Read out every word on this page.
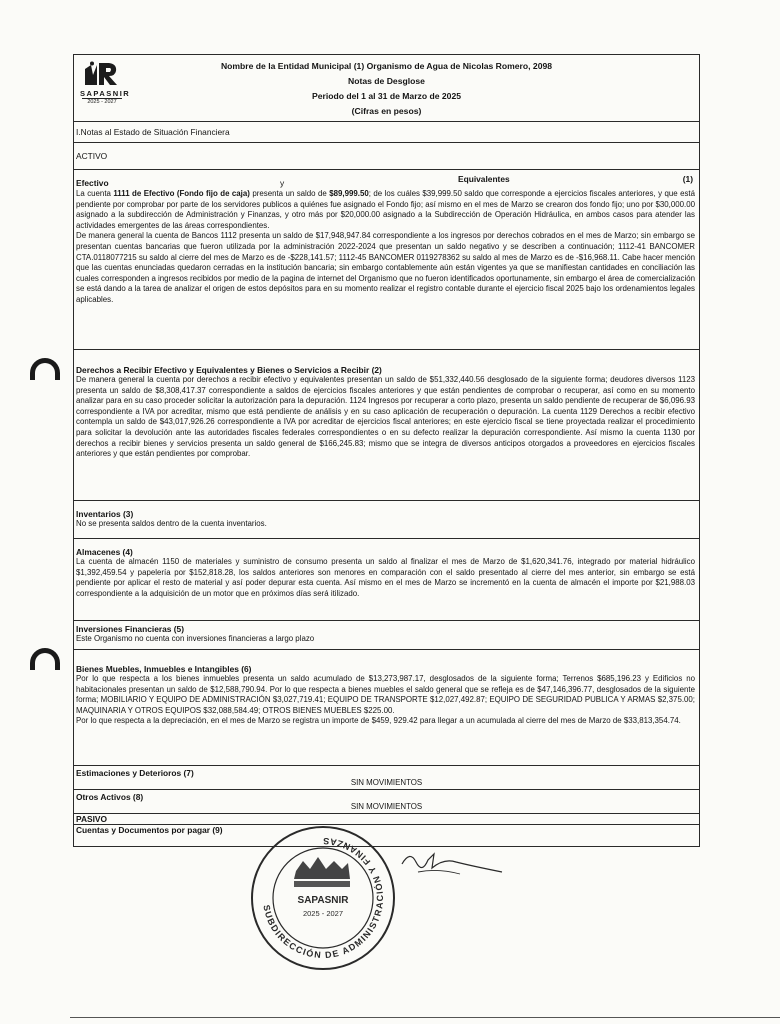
SAPASNIR
2025 - 2027
Nombre de la Entidad Municipal (1) Organismo de Agua de Nicolas Romero, 2098
Notas de Desglose
Periodo del 1 al 31 de Marzo de 2025
(Cifras en pesos)
I.Notas al Estado de Situación Financiera
ACTIVO
Efectivo	y	Equivalentes	(1)
La cuenta 1111 de Efectivo (Fondo fijo de caja) presenta un saldo de $89,999.50; de los cuáles $39,999.50 saldo que corresponde a ejercicios fiscales anteriores, y que está pendiente por comprobar por parte de los servidores publicos a quiénes fue asignado el Fondo fijo; así mismo en el mes de Marzo se crearon dos fondo fijo; uno por $30,000.00 asignado a la subdirección de Administración y Finanzas, y otro más por $20,000.00 asignado a la Subdirección de Operación Hidráulica, en ambos casos para atender las actividades emergentes de las áreas correspondientes.
De manera general la cuenta de Bancos 1112 presenta un saldo de $17,948,947.84 correspondiente a los ingresos por derechos cobrados en el mes de Marzo; sin embargo se presentan cuentas bancarias que fueron utilizada por la administración 2022-2024 que presentan un saldo negativo y se describen a continuación; 1112-41 BANCOMER CTA.0118077215 su saldo al cierre del mes de Marzo es de -$228,141.57; 1112-45 BANCOMER 0119278362 su saldo al mes de Marzo es de -$16,968.11. Cabe hacer mención que las cuentas enunciadas quedaron cerradas en la institución bancaria; sin embargo contablemente aún están vigentes ya que se manifiestan cantidades en conciliación las cuales corresponden a ingresos recibidos por medio de la pagina de internet del Organismo que no fueron identificados oportunamente, sin embargo el área de comercialización se está dando a la tarea de analizar el origen de estos depósitos para en su momento realizar el registro contable durante el ejercicio fiscal 2025 bajo los ordenamientos legales aplicables.
Derechos a Recibir Efectivo y Equivalentes y Bienes o Servicios a Recibir (2)
De manera general la cuenta por derechos a recibir efectivo y equivalentes presentan un saldo de $51,332,440.56 desglosado de la siguiente forma; deudores diversos 1123 presenta un saldo de $8,308,417.37 correspondiente a saldos de ejercicios fiscales anteriores y que están pendientes de comprobar o recuperar, así como en su momento analizar para en su caso proceder solicitar la autorización para la depuración. 1124 Ingresos por recuperar a corto plazo, presenta un saldo pendiente de recuperar de $6,096.93 correspondiente a IVA por acreditar, mismo que está pendiente de análisis y en su caso aplicación de recuperación o depuración. La cuenta 1129 Derechos a recibir efectivo contempla un saldo de $43,017,926.26 correspondiente a IVA por acreditar de ejercicios fiscal anteriores; en este ejercicio fiscal se tiene proyectada realizar el procedimiento para solicitar la devolución ante las autoridades fiscales federales correspondientes o en su defecto realizar la depuración correspondiente. Así mismo la cuenta 1130 por derechos a recibir bienes y servicios presenta un saldo general de $166,245.83; mismo que se integra de diversos anticipos otorgados a proveedores en ejercicios fiscales anteriores y que están pendientes por comprobar.
Inventarios (3)
No se presenta saldos dentro de la cuenta inventarios.
Almacenes (4)
La cuenta de almacén 1150 de materiales y suministro de consumo presenta un saldo al finalizar el mes de Marzo de $1,620,341.76, integrado por material hidráulico $1,392,459.54 y papelería por $152,818.28, los saldos anteriores son menores en comparación con el saldo presentado al cierre del mes anterior, sin embargo se está pendiente por aplicar el resto de material y así poder depurar esta cuenta. Así mismo en el mes de Marzo se incrementó en la cuenta de almacén el importe por $21,988.03 correspondiente a la adquisición de un motor que en próximos días será itilizado.
Inversiones Financieras (5)
Este Organismo no cuenta con inversiones financieras a largo plazo
Bienes Muebles, Inmuebles e Intangibles (6)
Por lo que respecta a los bienes inmuebles presenta un saldo acumulado de $13,273,987.17, desglosados de la siguiente forma; Terrenos $685,196.23 y Edificios no habitacionales presentan un saldo de $12,588,790.94. Por lo que respecta a bienes muebles el saldo general que se refleja es de $47,146,396.77, desglosados de la siguiente forma; MOBILIARIO Y EQUIPO DE ADMINISTRACIÓN $3,027,719.41; EQUIPO DE TRANSPORTE $12,027,492.87; EQUIPO DE SEGURIDAD PUBLICA Y ARMAS $2,375.00; MAQUINARIA Y OTROS EQUIPOS $32,088,584.49; OTROS BIENES MUEBLES $225.00.
Por lo que respecta a la depreciación, en el mes de Marzo se registra un importe de $459, 929.42 para llegar a un acumulada al cierre del mes de Marzo de $33,813,354.74.
Estimaciones y Deterioros (7)
SIN MOVIMIENTOS
Otros Activos (8)
SIN MOVIMIENTOS
PASIVO
Cuentas y Documentos por pagar (9)
SUBDIRECCIÓN DE ADMINISTRACIÓN Y FINANZAS
SAPASNIR
2025 - 2027
